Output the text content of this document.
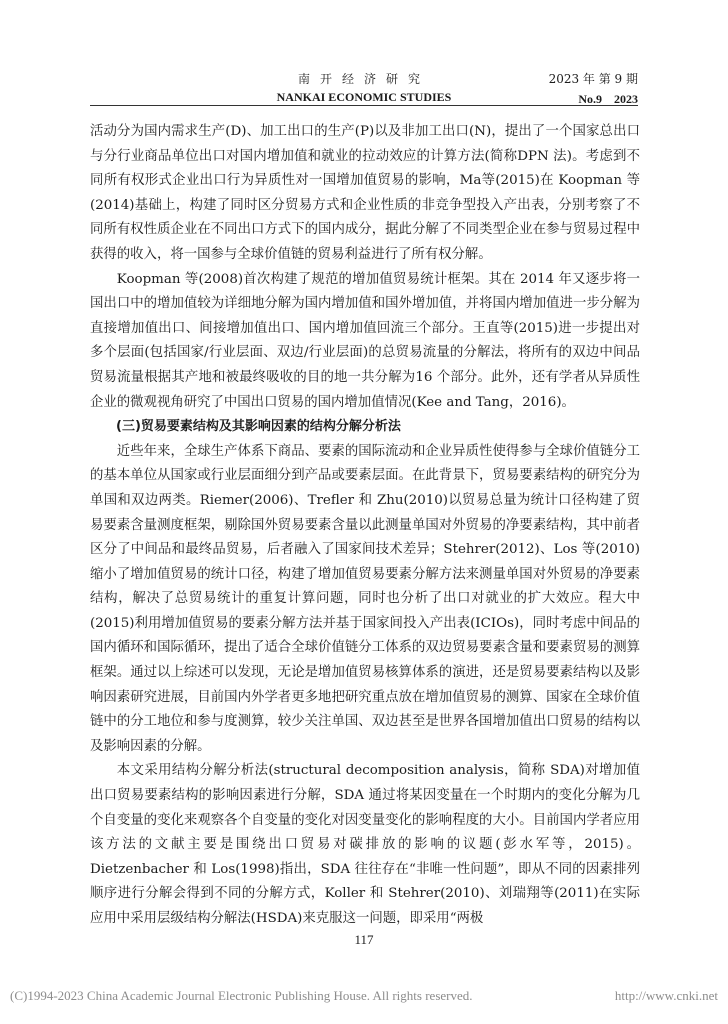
南开经济研究
NANKAI ECONOMIC STUDIES
2023 年 第 9 期
No.9　2023

活动分为国内需求生产(D)、加工出口的生产(P)以及非加工出口(N)，提出了一个国家总出口与分行业商品单位出口对国内增加值和就业的拉动效应的计算方法(简称DPN 法)。考虑到不同所有权形式企业出口行为异质性对一国增加值贸易的影响，Ma等(2015)在 Koopman 等(2014)基础上，构建了同时区分贸易方式和企业性质的非竞争型投入产出表，分别考察了不同所有权性质企业在不同出口方式下的国内成分，据此分解了不同类型企业在参与贸易过程中获得的收入，将一国参与全球价值链的贸易利益进行了所有权分解。

Koopman 等(2008)首次构建了规范的增加值贸易统计框架。其在 2014 年又逐步将一国出口中的增加值较为详细地分解为国内增加值和国外增加值，并将国内增加值进一步分解为直接增加值出口、间接增加值出口、国内增加值回流三个部分。王直等(2015)进一步提出对多个层面(包括国家/行业层面、双边/行业层面)的总贸易流量的分解法，将所有的双边中间品贸易流量根据其产地和被最终吸收的目的地一共分解为16 个部分。此外，还有学者从异质性企业的微观视角研究了中国出口贸易的国内增加值情况(Kee and Tang，2016)。

(三)贸易要素结构及其影响因素的结构分解分析法

近些年来，全球生产体系下商品、要素的国际流动和企业异质性使得参与全球价值链分工的基本单位从国家或行业层面细分到产品或要素层面。在此背景下，贸易要素结构的研究分为单国和双边两类。Riemer(2006)、Trefler 和 Zhu(2010)以贸易总量为统计口径构建了贸易要素含量测度框架，剔除国外贸易要素含量以此测量单国对外贸易的净要素结构，其中前者区分了中间品和最终品贸易，后者融入了国家间技术差异；Stehrer(2012)、Los 等(2010)缩小了增加值贸易的统计口径，构建了增加值贸易要素分解方法来测量单国对外贸易的净要素结构，解决了总贸易统计的重复计算问题，同时也分析了出口对就业的扩大效应。程大中(2015)利用增加值贸易的要素分解方法并基于国家间投入产出表(ICIOs)，同时考虑中间品的国内循环和国际循环，提出了适合全球价值链分工体系的双边贸易要素含量和要素贸易的测算框架。通过以上综述可以发现，无论是增加值贸易核算体系的演进，还是贸易要素结构以及影响因素研究进展，目前国内外学者更多地把研究重点放在增加值贸易的测算、国家在全球价值链中的分工地位和参与度测算，较少关注单国、双边甚至是世界各国增加值出口贸易的结构以及影响因素的分解。

本文采用结构分解分析法(structural decomposition analysis，简称 SDA)对增加值出口贸易要素结构的影响因素进行分解，SDA 通过将某因变量在一个时期内的变化分解为几个自变量的变化来观察各个自变量的变化对因变量变化的影响程度的大小。目前国内学者应用该方法的文献主要是围绕出口贸易对碳排放的影响的议题(彭水军等，2015)。Dietzenbacher 和 Los(1998)指出，SDA 往往存在“非唯一性问题”，即从不同的因素排列顺序进行分解会得到不同的分解方式，Koller 和 Stehrer(2010)、刘瑞翔等(2011)在实际应用中采用层级结构分解法(HSDA)来克服这一问题，即采用“两极

117
(C)1994-2023 China Academic Journal Electronic Publishing House. All rights reserved.	http://www.cnki.net
